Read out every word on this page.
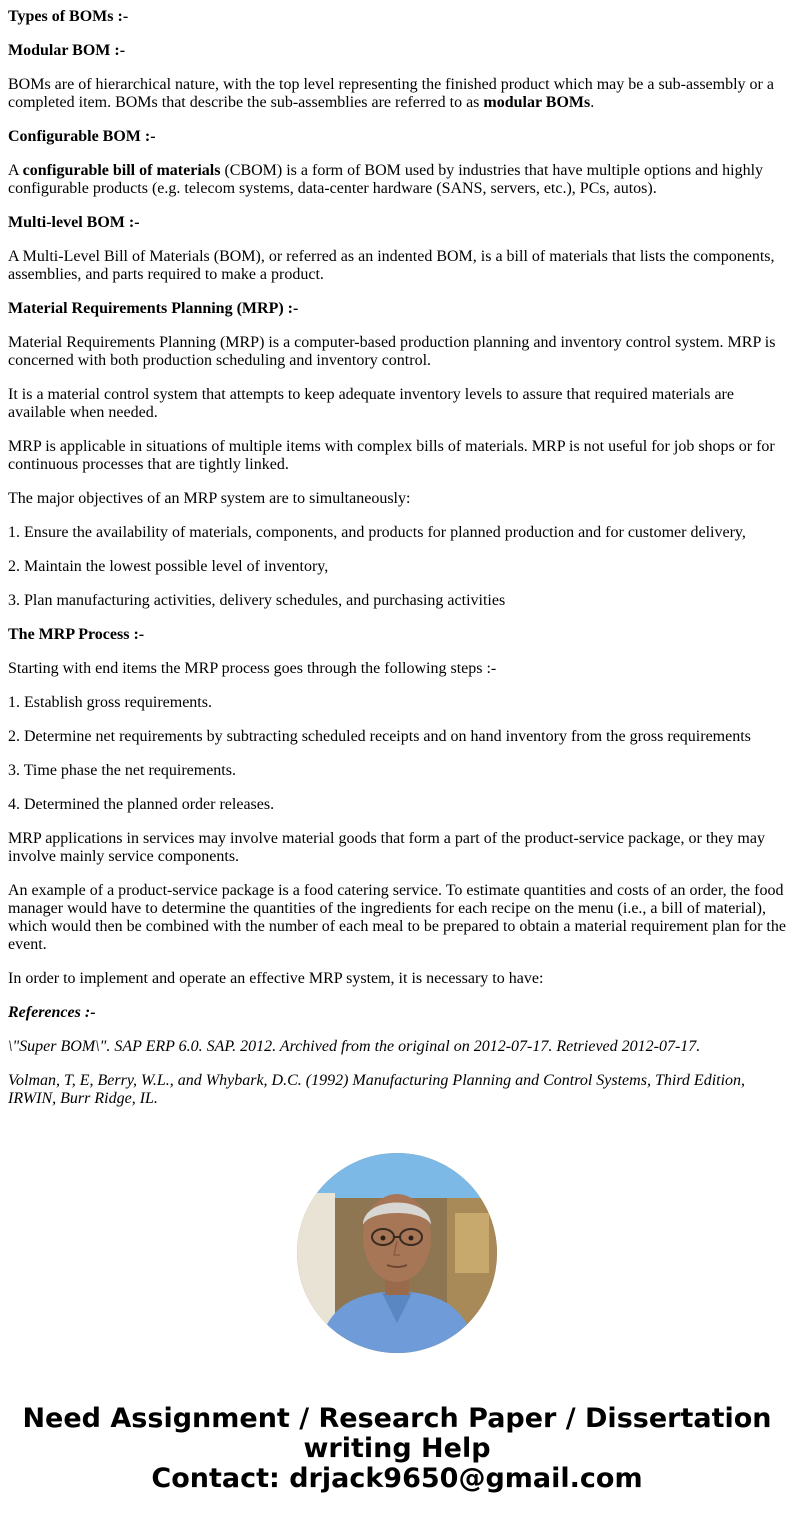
Types of BOMs :-

Modular BOM :-

BOMs are of hierarchical nature, with the top level representing the finished product which may be a sub-assembly or a completed item. BOMs that describe the sub-assemblies are referred to as modular BOMs.

Configurable BOM :-

A configurable bill of materials (CBOM) is a form of BOM used by industries that have multiple options and highly configurable products (e.g. telecom systems, data-center hardware (SANS, servers, etc.), PCs, autos).

Multi-level BOM :-

A Multi-Level Bill of Materials (BOM), or referred as an indented BOM, is a bill of materials that lists the components, assemblies, and parts required to make a product.

Material Requirements Planning (MRP) :-

Material Requirements Planning (MRP) is a computer-based production planning and inventory control system. MRP is concerned with both production scheduling and inventory control.

It is a material control system that attempts to keep adequate inventory levels to assure that required materials are available when needed.

MRP is applicable in situations of multiple items with complex bills of materials. MRP is not useful for job shops or for continuous processes that are tightly linked.

The major objectives of an MRP system are to simultaneously:

1. Ensure the availability of materials, components, and products for planned production and for customer delivery,

2. Maintain the lowest possible level of inventory,

3. Plan manufacturing activities, delivery schedules, and purchasing activities

The MRP Process :-

Starting with end items the MRP process goes through the following steps :-

1. Establish gross requirements.

2. Determine net requirements by subtracting scheduled receipts and on hand inventory from the gross requirements

3. Time phase the net requirements.

4. Determined the planned order releases.

MRP applications in services may involve material goods that form a part of the product-service package, or they may involve mainly service components.

An example of a product-service package is a food catering service. To estimate quantities and costs of an order, the food manager would have to determine the quantities of the ingredients for each recipe on the menu (i.e., a bill of material), which would then be combined with the number of each meal to be prepared to obtain a material requirement plan for the event.

In order to implement and operate an effective MRP system, it is necessary to have:

References :-

\"Super BOM\". SAP ERP 6.0. SAP. 2012. Archived from the original on 2012-07-17. Retrieved 2012-07-17.

Volman, T, E, Berry, W.L., and Whybark, D.C. (1992) Manufacturing Planning and Control Systems, Third Edition, IRWIN, Burr Ridge, IL.

Need Assignment / Research Paper / Dissertation
writing Help
Contact: drjack9650@gmail.com
